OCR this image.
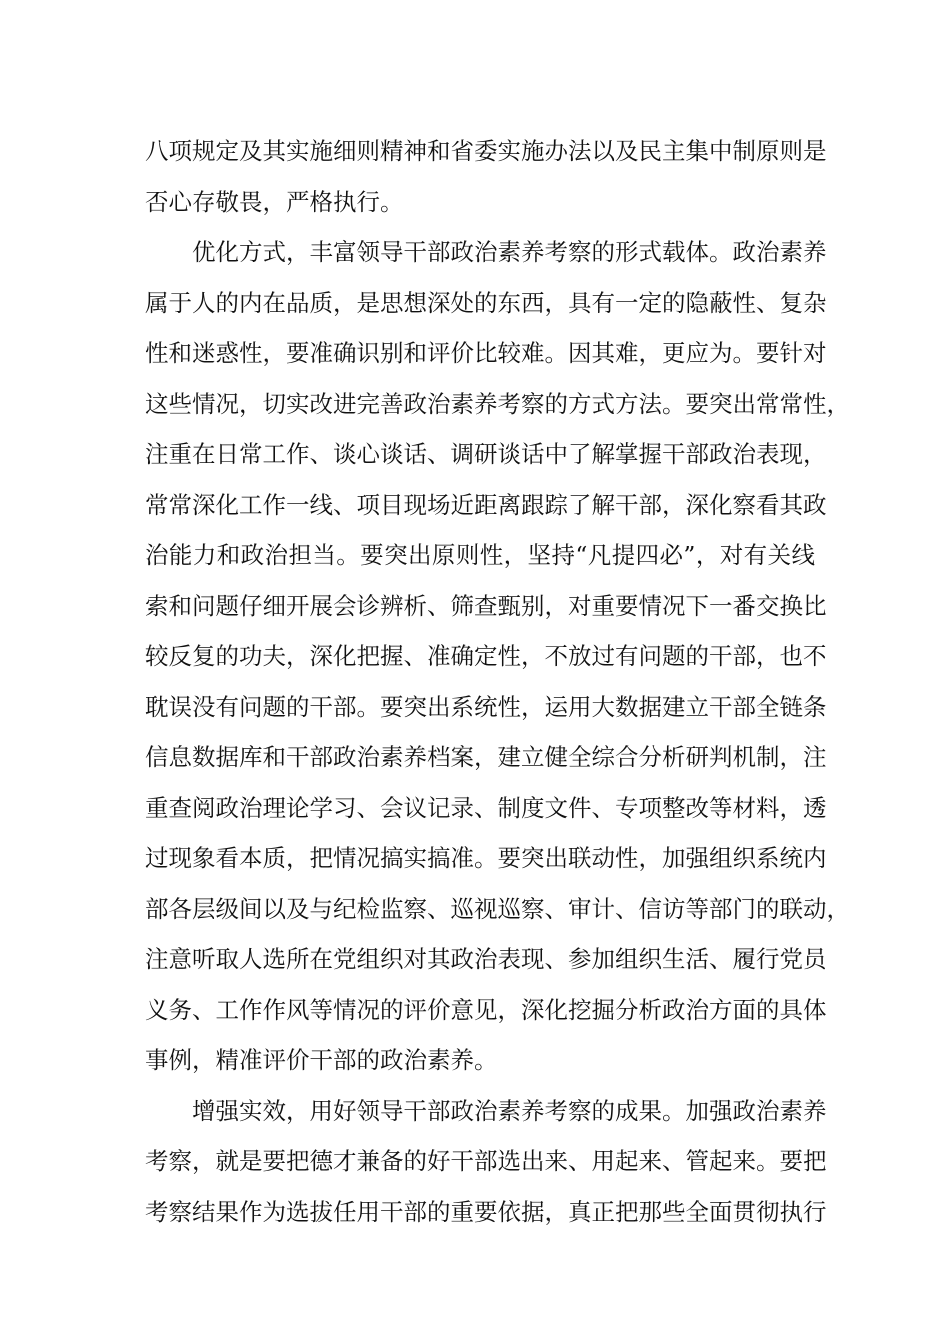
八项规定及其实施细则精神和省委实施办法以及民主集中制原则是
否心存敬畏，严格执行。
优化方式，丰富领导干部政治素养考察的形式载体。政治素养
属于人的内在品质，是思想深处的东西，具有一定的隐蔽性、复杂
性和迷惑性，要准确识别和评价比较难。因其难，更应为。要针对
这些情况，切实改进完善政治素养考察的方式方法。要突出常常性，
注重在日常工作、谈心谈话、调研谈话中了解掌握干部政治表现，
常常深化工作一线、项目现场近距离跟踪了解干部，深化察看其政
治能力和政治担当。要突出原则性，坚持“凡提四必”，对有关线
索和问题仔细开展会诊辨析、筛查甄别，对重要情况下一番交换比
较反复的功夫，深化把握、准确定性，不放过有问题的干部，也不
耽误没有问题的干部。要突出系统性，运用大数据建立干部全链条
信息数据库和干部政治素养档案，建立健全综合分析研判机制，注
重查阅政治理论学习、会议记录、制度文件、专项整改等材料，透
过现象看本质，把情况搞实搞准。要突出联动性，加强组织系统内
部各层级间以及与纪检监察、巡视巡察、审计、信访等部门的联动，
注意听取人选所在党组织对其政治表现、参加组织生活、履行党员
义务、工作作风等情况的评价意见，深化挖掘分析政治方面的具体
事例，精准评价干部的政治素养。
增强实效，用好领导干部政治素养考察的成果。加强政治素养
考察，就是要把德才兼备的好干部选出来、用起来、管起来。要把
考察结果作为选拔任用干部的重要依据，真正把那些全面贯彻执行
